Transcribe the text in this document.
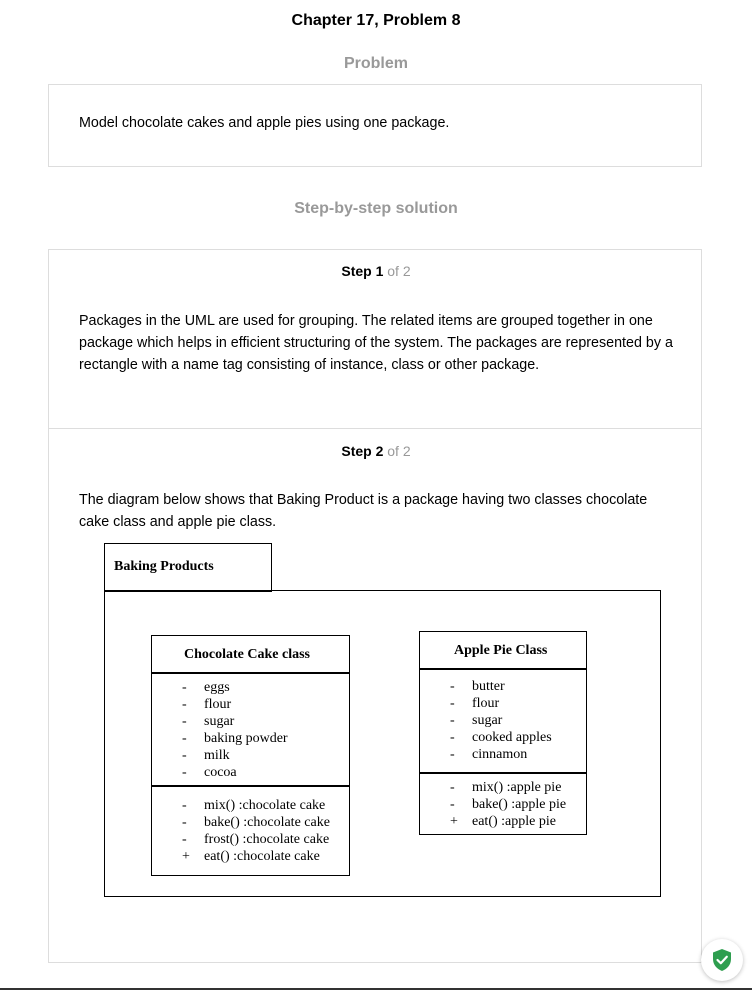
Chapter 17, Problem 8
Problem
Model chocolate cakes and apple pies using one package.
Step-by-step solution
Step 1 of 2
Packages in the UML are used for grouping. The related items are grouped together in one package which helps in efficient structuring of the system. The packages are represented by a rectangle with a name tag consisting of instance, class or other package.
Step 2 of 2
The diagram below shows that Baking Product is a package having two classes chocolate cake class and apple pie class.
Baking Products
Chocolate Cake class
- eggs
- flour
- sugar
- baking powder
- milk
- cocoa
- mix() :chocolate cake
- bake() :chocolate cake
- frost() :chocolate cake
+ eat() :chocolate cake
Apple Pie Class
- butter
- flour
- sugar
- cooked apples
- cinnamon
- mix() :apple pie
- bake() :apple pie
+ eat() :apple pie
